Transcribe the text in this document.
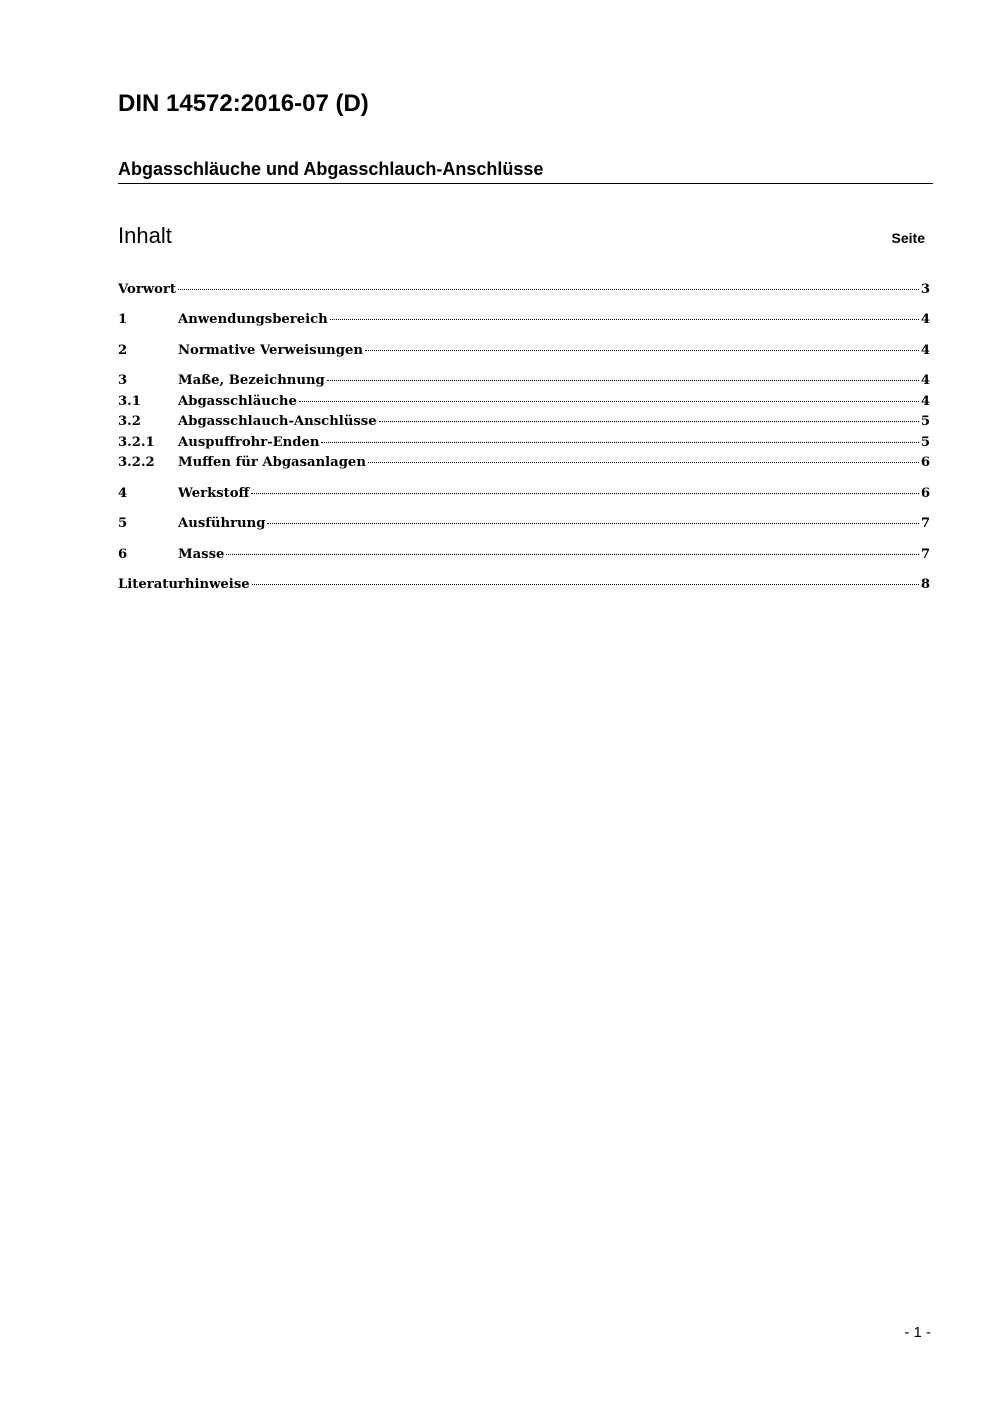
DIN 14572:2016-07 (D)
Abgasschläuche und Abgasschlauch-Anschlüsse
Inhalt	Seite
Vorwort	3
1	Anwendungsbereich	4
2	Normative Verweisungen	4
3	Maße, Bezeichnung	4
3.1	Abgasschläuche	4
3.2	Abgasschlauch-Anschlüsse	5
3.2.1	Auspuffrohr-Enden	5
3.2.2	Muffen für Abgasanlagen	6
4	Werkstoff	6
5	Ausführung	7
6	Masse	7
Literaturhinweise	8
- 1 -
